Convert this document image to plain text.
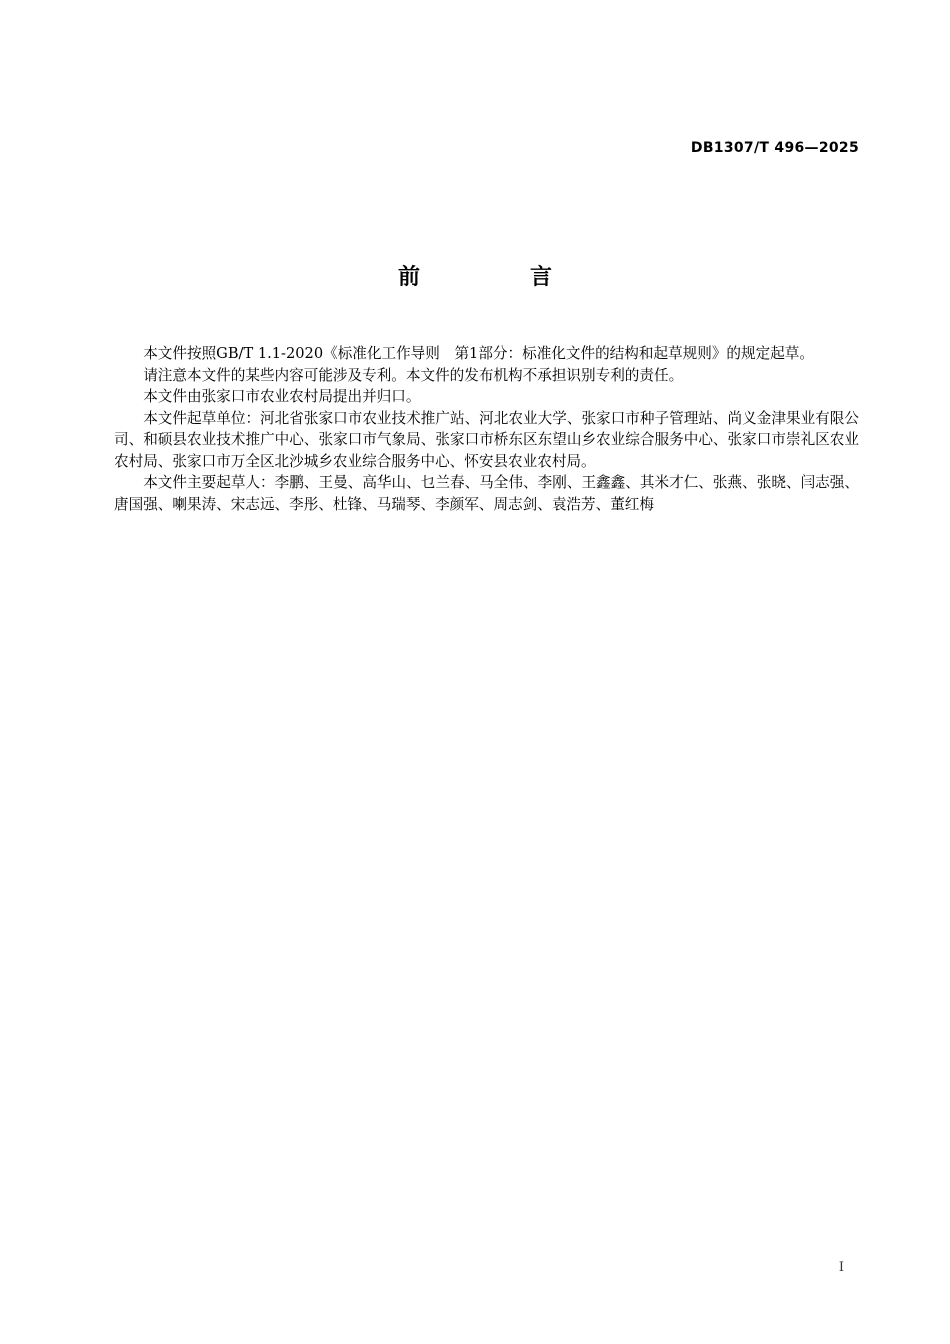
DB1307/T 496—2025
前　言

本文件按照GB/T 1.1-2020《标准化工作导则　第1部分：标准化文件的结构和起草规则》的规定起草。

请注意本文件的某些内容可能涉及专利。本文件的发布机构不承担识别专利的责任。

本文件由张家口市农业农村局提出并归口。

本文件起草单位：河北省张家口市农业技术推广站、河北农业大学、张家口市种子管理站、尚义金津果业有限公司、和硕县农业技术推广中心、张家口市气象局、张家口市桥东区东望山乡农业综合服务中心、张家口市崇礼区农业农村局、张家口市万全区北沙城乡农业综合服务中心、怀安县农业农村局。

本文件主要起草人：李鹏、王曼、高华山、乜兰春、马全伟、李刚、王鑫鑫、其米才仁、张燕、张晓、闫志强、唐国强、喇果涛、宋志远、李彤、杜锋、马瑞琴、李颜军、周志剑、袁浩芳、董红梅

I
